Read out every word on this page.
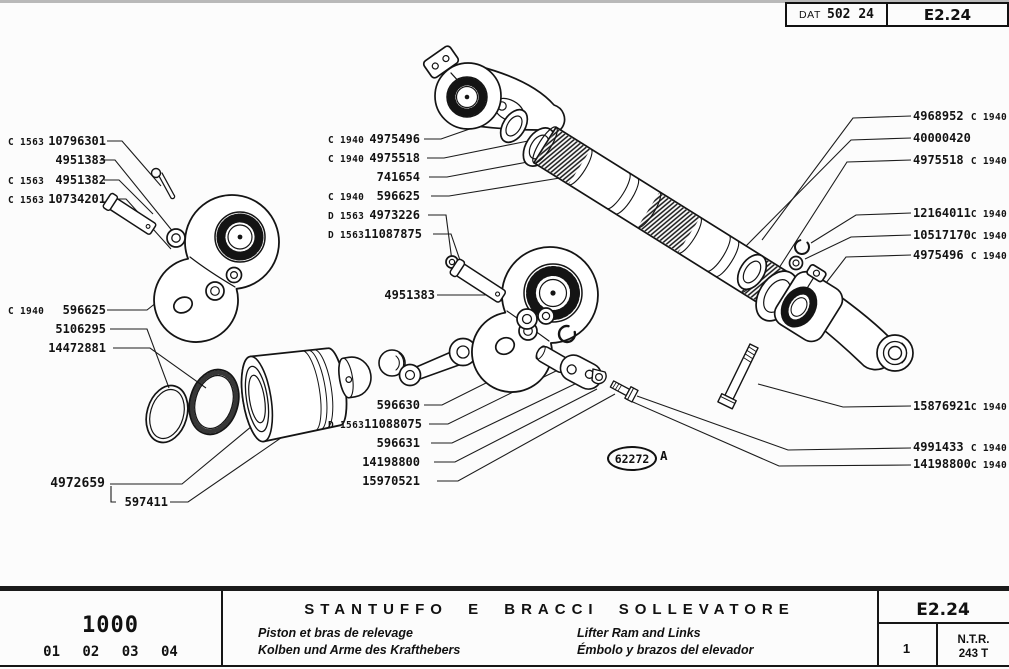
DAT 502 24	E2.24
C 1563 10796301
4951383
C 1563 4951382
C 1563 10734201
C 1940 596625
5106295
14472881
4972659
597411
C 1940 4975496
C 1940 4975518
741654
C 1940 596625
D 1563 4973226
D 1563 11087875
4951383
596630
D 1563 11088075
596631
14198800
15970521
4968952 C 1940
40000420
4975518 C 1940
12164011 C 1940
10517170 C 1940
4975496 C 1940
15876921 C 1940
4991433 C 1940
14198800 C 1940
62272 A
1000
01 02 03 04
STANTUFFO E BRACCI SOLLEVATORE
Piston et bras de relevage
Kolben und Arme des Krafthebers
Lifter Ram and Links
Émbolo y brazos del elevador
E2.24
1
N.T.R.
243 T
